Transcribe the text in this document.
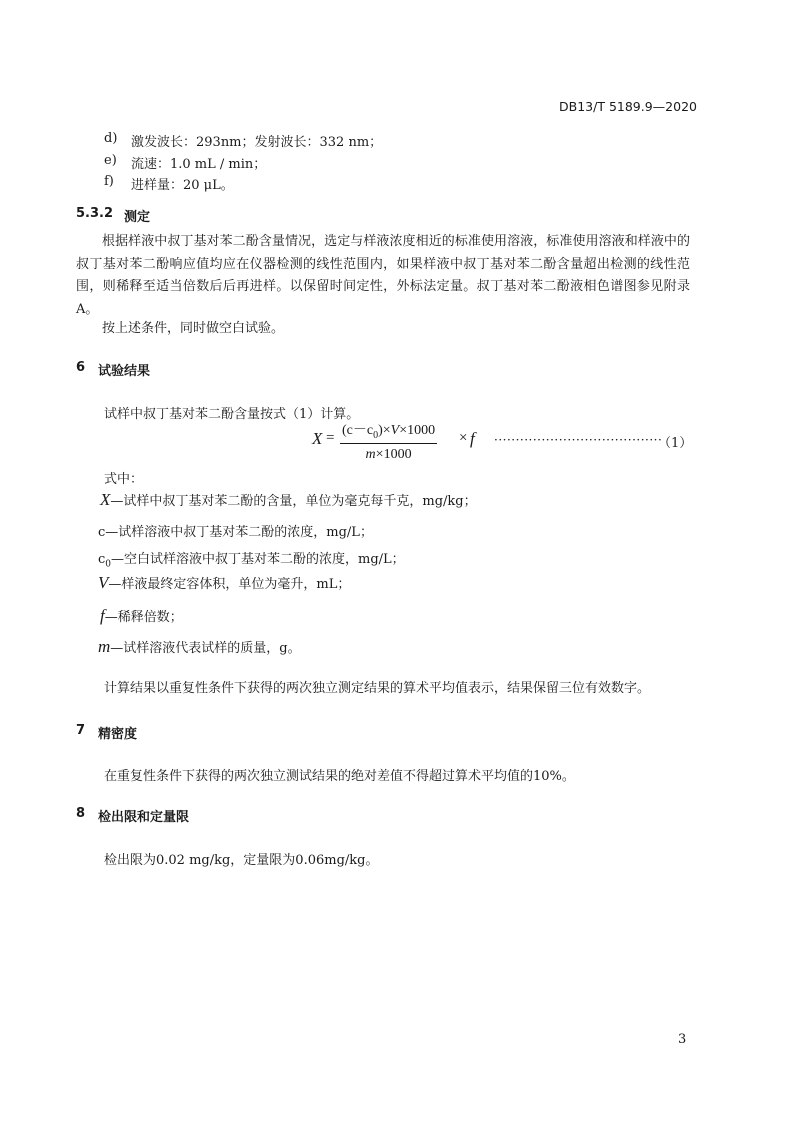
DB13/T 5189.9—2020
d) 激发波长：293nm；发射波长：332 nm；
e) 流速：1.0 mL / min；
f) 进样量：20 μL。
5.3.2 测定
根据样液中叔丁基对苯二酚含量情况，选定与样液浓度相近的标准使用溶液，标准使用溶液和样液中的叔丁基对苯二酚响应值均应在仪器检测的线性范围内，如果样液中叔丁基对苯二酚含量超出检测的线性范围，则稀释至适当倍数后后再进样。以保留时间定性，外标法定量。叔丁基对苯二酚液相色谱图参见附录A。
按上述条件，同时做空白试验。
6 试验结果
试样中叔丁基对苯二酚含量按式（1）计算。
$X = (c-c_0)\times V\times 1000$
m×1000
× f ·······································
（1）
式中：
X—试样中叔丁基对苯二酚的含量，单位为毫克每千克，mg/kg；
c—试样溶液中叔丁基对苯二酚的浓度，mg/L；
$c_0—$空白试样溶液中叔丁基对苯二酚的浓度，mg/L；
V—样液最终定容体积，单位为毫升，mL；
f—稀释倍数；
m—试样溶液代表试样的质量，g。
计算结果以重复性条件下获得的两次独立测定结果的算术平均值表示，结果保留三位有效数字。
7 精密度
在重复性条件下获得的两次独立测试结果的绝对差值不得超过算术平均值的10%。
8 检出限和定量限
检出限为0.02 mg/kg，定量限为0.06mg/kg。
3
